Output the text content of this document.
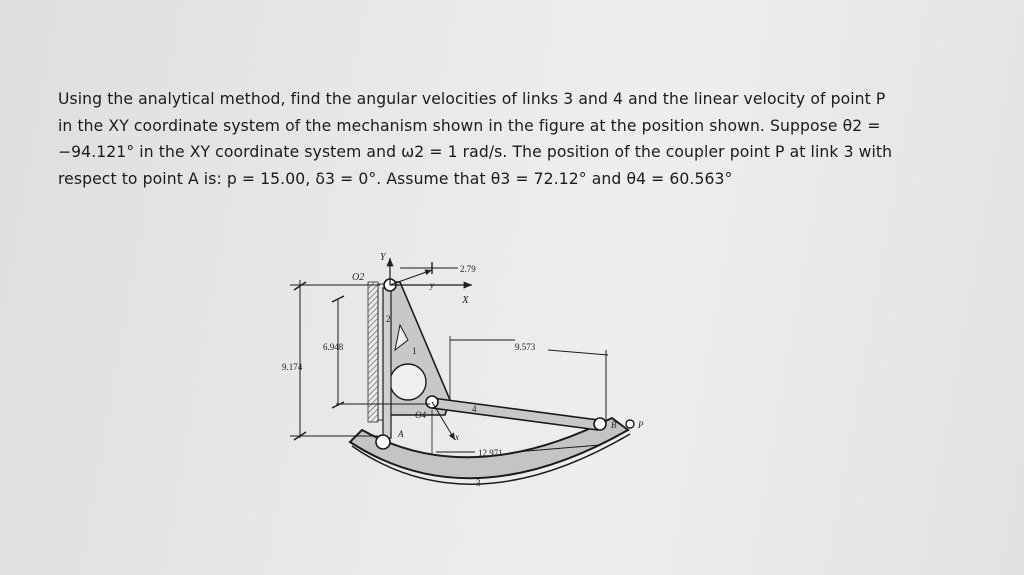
Using the analytical method, find the angular velocities of links 3 and 4 and the linear velocity of point P
in the XY coordinate system of the mechanism shown in the figure at the position shown. Suppose θ2 =
−94.121° in the XY coordinate system and ω2 = 1 rad/s. The position of the coupler point P at link 3 with
respect to point A is: p = 15.00, δ3 = 0°. Assume that θ3 = 72.12° and θ4 = 60.563°
Y
X
y
x
O2
O4
A
B P
1
2
3
4
2.79
6.948
9.174
9.573
12.971
